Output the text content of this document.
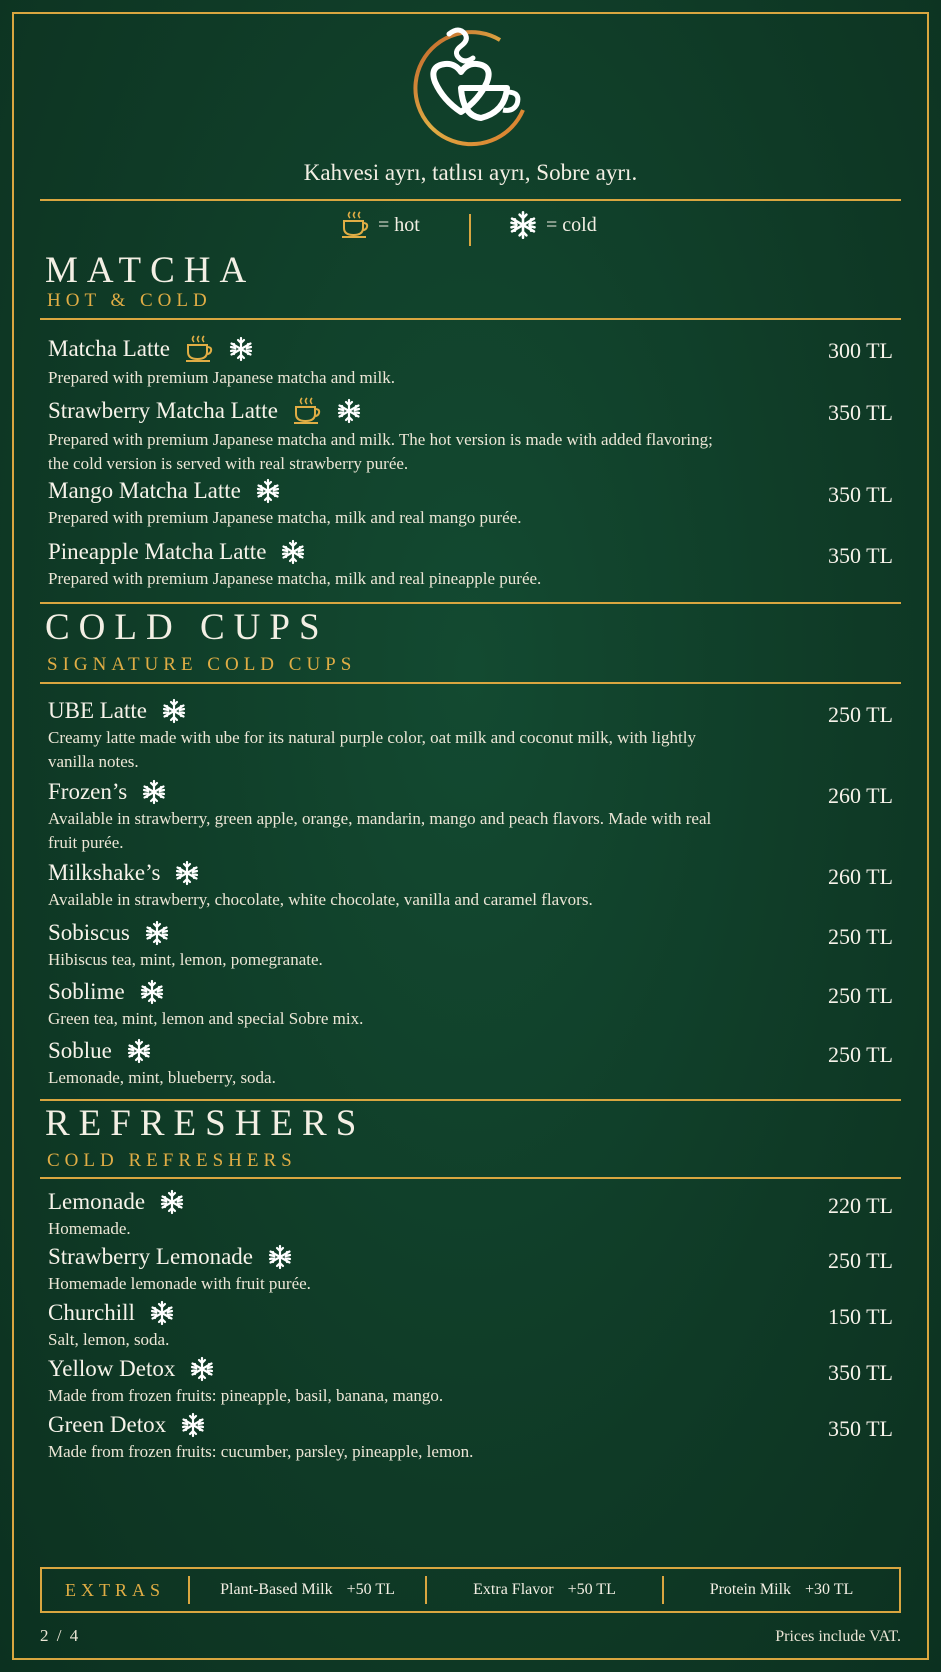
Kahvesi ayrı, tatlısı ayrı, Sobre ayrı.
= hot	= cold
EXTRAS	Plant-Based Milk +50 TL	Extra Flavor +50 TL	Protein Milk +30 TL
2 / 4	Prices include VAT.
MATCHA
HOT & COLD
Matcha Latte
Prepared with premium Japanese matcha and milk.
300 TL
Strawberry Matcha Latte
Prepared with premium Japanese matcha and milk. The hot version is made with added flavoring; the cold version is served with real strawberry purée.
350 TL
Mango Matcha Latte
Prepared with premium Japanese matcha, milk and real mango purée.
350 TL
Pineapple Matcha Latte
Prepared with premium Japanese matcha, milk and real pineapple purée.
350 TL
COLD CUPS
SIGNATURE COLD CUPS
UBE Latte
Creamy latte made with ube for its natural purple color, oat milk and coconut milk, with lightly vanilla notes.
250 TL
Frozen’s
Available in strawberry, green apple, orange, mandarin, mango and peach flavors. Made with real fruit purée.
260 TL
Milkshake’s
Available in strawberry, chocolate, white chocolate, vanilla and caramel flavors.
260 TL
Sobiscus
Hibiscus tea, mint, lemon, pomegranate.
250 TL
Soblime
Green tea, mint, lemon and special Sobre mix.
250 TL
Soblue
Lemonade, mint, blueberry, soda.
250 TL
REFRESHERS
COLD REFRESHERS
Lemonade
Homemade.
220 TL
Strawberry Lemonade
Homemade lemonade with fruit purée.
250 TL
Churchill
Salt, lemon, soda.
150 TL
Yellow Detox
Made from frozen fruits: pineapple, basil, banana, mango.
350 TL
Green Detox
Made from frozen fruits: cucumber, parsley, pineapple, lemon.
350 TL
